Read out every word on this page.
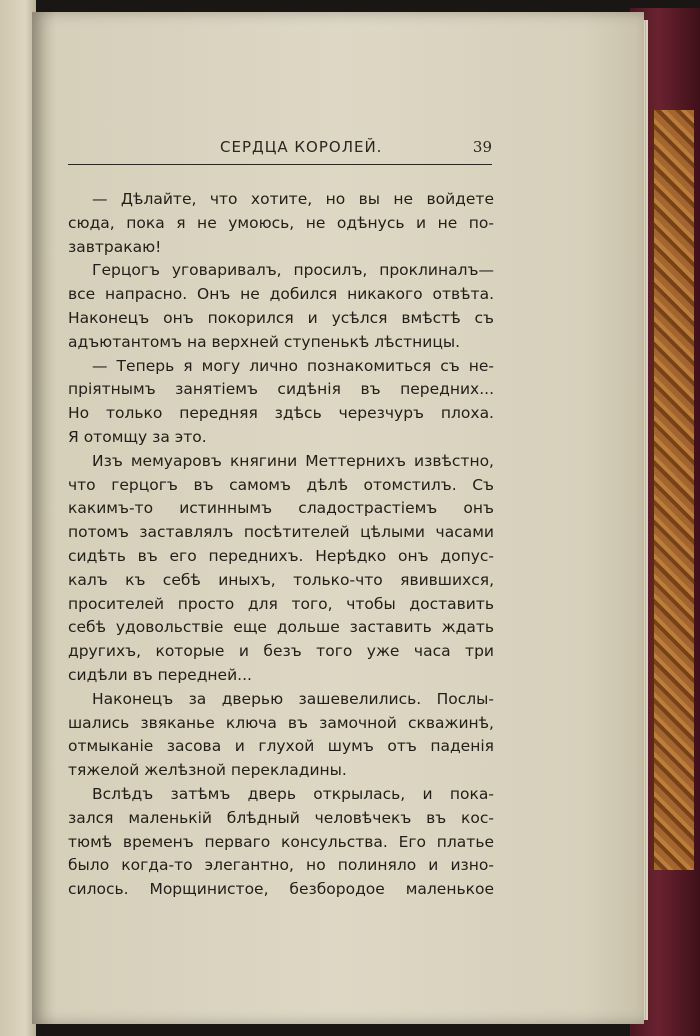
СЕРДЦА КОРОЛЕЙ.	39
— Дѣлайте, что хотите, но вы не войдете
сюда, пока я не умоюсь, не одѣнусь и не по-
завтракаю!
Герцогъ уговаривалъ, просилъ, проклиналъ—
все напрасно. Онъ не добился никакого отвѣта.
Наконецъ онъ покорился и усѣлся вмѣстѣ съ
адъютантомъ на верхней ступенькѣ лѣстницы.
— Теперь я могу лично познакомиться съ не-
пріятнымъ занятіемъ сидѣнія въ передних...
Но только передняя здѣсь черезчуръ плоха.
Я отомщу за это.
Изъ мемуаровъ княгини Меттернихъ извѣстно,
что герцогъ въ самомъ дѣлѣ отомстилъ. Съ
какимъ-то истиннымъ сладострастіемъ онъ
потомъ заставлялъ посѣтителей цѣлыми часами
сидѣть въ его переднихъ. Нерѣдко онъ допус-
калъ къ себѣ иныхъ, только-что явившихся,
просителей просто для того, чтобы доставить
себѣ удовольствіе еще дольше заставить ждать
другихъ, которые и безъ того уже часа три
сидѣли въ передней...
Наконецъ за дверью зашевелились. Послы-
шались звяканье ключа въ замочной скважинѣ,
отмыканіе засова и глухой шумъ отъ паденія
тяжелой желѣзной перекладины.
Вслѣдъ затѣмъ дверь открылась, и пока-
зался маленькій блѣдный человѣчекъ въ кос-
тюмѣ временъ перваго консульства. Его платье
было когда-то элегантно, но полиняло и изно-
силось. Морщинистое, безбородое маленькое
